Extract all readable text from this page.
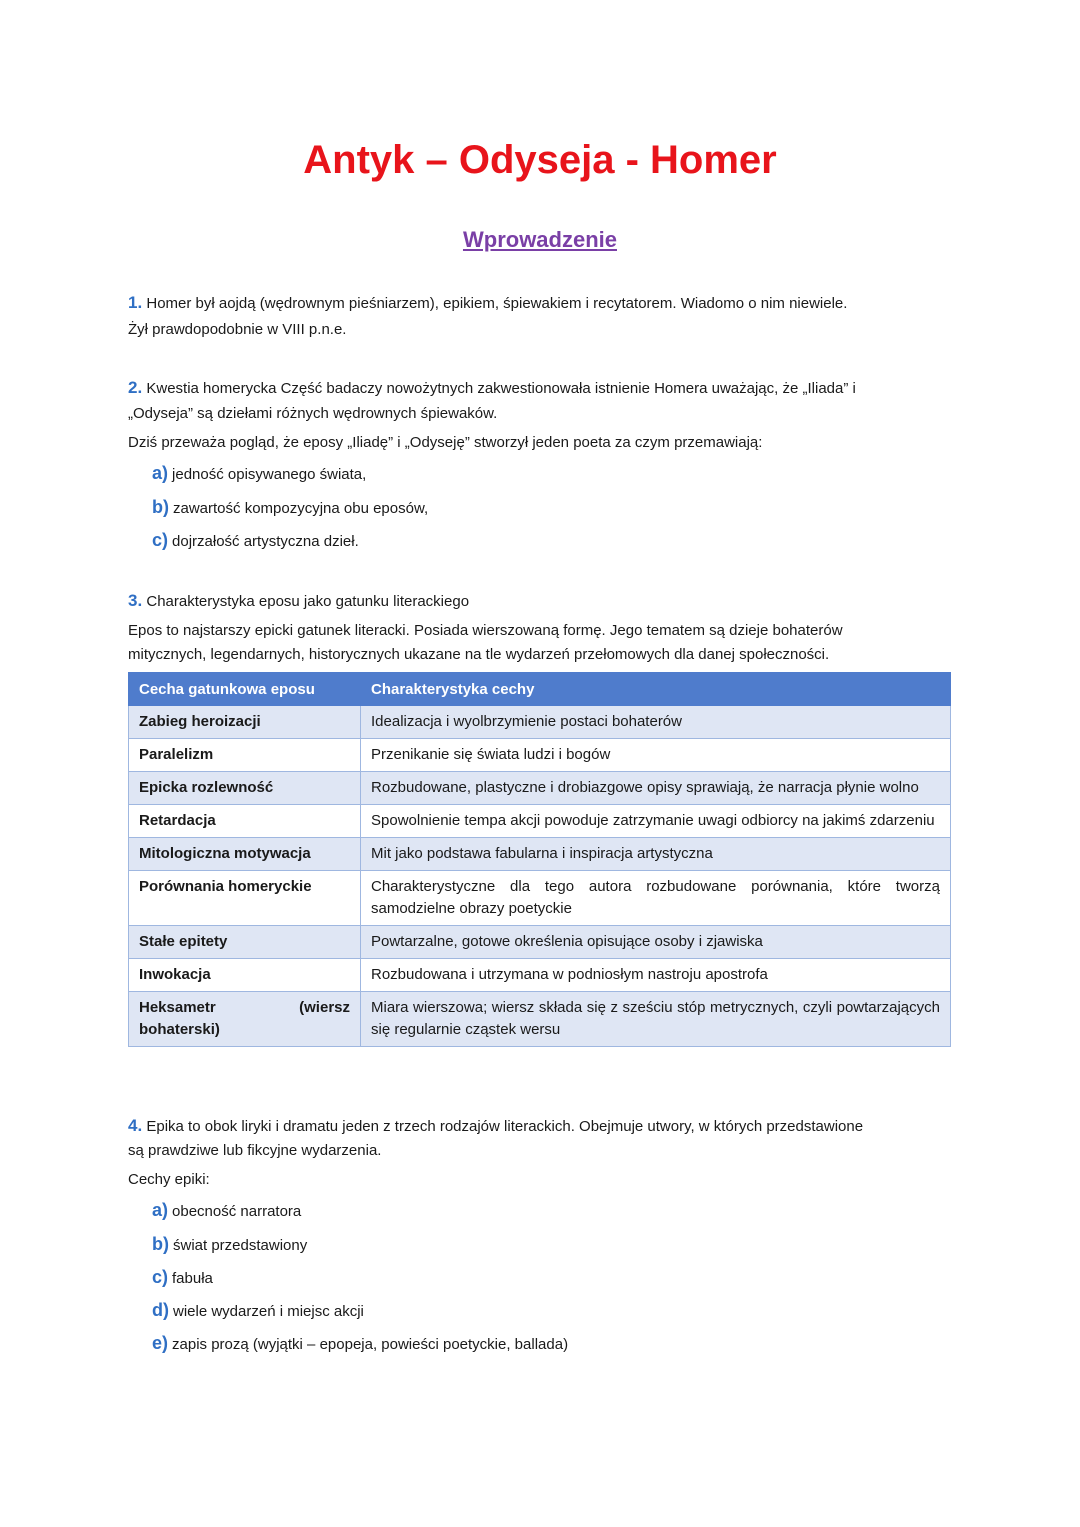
Antyk – Odyseja - Homer
Wprowadzenie
1. Homer był aojdą (wędrownym pieśniarzem), epikiem, śpiewakiem i recytatorem. Wiadomo o nim niewiele.
Żył prawdopodobnie w VIII p.n.e.
2. Kwestia homerycka Część badaczy nowożytnych zakwestionowała istnienie Homera uważając, że „Iliada” i
„Odyseja” są dziełami różnych wędrownych śpiewaków.
Dziś przeważa pogląd, że eposy „Iliadę” i „Odyseję” stworzył jeden poeta za czym przemawiają:
a) jedność opisywanego świata,
b) zawartość kompozycyjna obu eposów,
c) dojrzałość artystyczna dzieł.
3. Charakterystyka eposu jako gatunku literackiego
Epos to najstarszy epicki gatunek literacki. Posiada wierszowaną formę. Jego tematem są dzieje bohaterów
mitycznych, legendarnych, historycznych ukazane na tle wydarzeń przełomowych dla danej społeczności.
Cecha gatunkowa eposu	Charakterystyka cechy
Zabieg heroizacji	Idealizacja i wyolbrzymienie postaci bohaterów
Paralelizm	Przenikanie się świata ludzi i bogów
Epicka rozlewność	Rozbudowane, plastyczne i drobiazgowe opisy sprawiają, że narracja płynie wolno
Retardacja	Spowolnienie tempa akcji powoduje zatrzymanie uwagi odbiorcy na jakimś zdarzeniu
Mitologiczna motywacja	Mit jako podstawa fabularna i inspiracja artystyczna
Porównania homeryckie	Charakterystyczne dla tego autora rozbudowane porównania, które tworzą samodzielne obrazy poetyckie
Stałe epitety	Powtarzalne, gotowe określenia opisujące osoby i zjawiska
Inwokacja	Rozbudowana i utrzymana w podniosłym nastroju apostrofa
Heksametr (wiersz bohaterski)	Miara wierszowa; wiersz składa się z sześciu stóp metrycznych, czyli powtarzających się regularnie cząstek wersu
4. Epika to obok liryki i dramatu jeden z trzech rodzajów literackich. Obejmuje utwory, w których przedstawione
są prawdziwe lub fikcyjne wydarzenia.
Cechy epiki:
a) obecność narratora
b) świat przedstawiony
c) fabuła
d) wiele wydarzeń i miejsc akcji
e) zapis prozą (wyjątki – epopeja, powieści poetyckie, ballada)
